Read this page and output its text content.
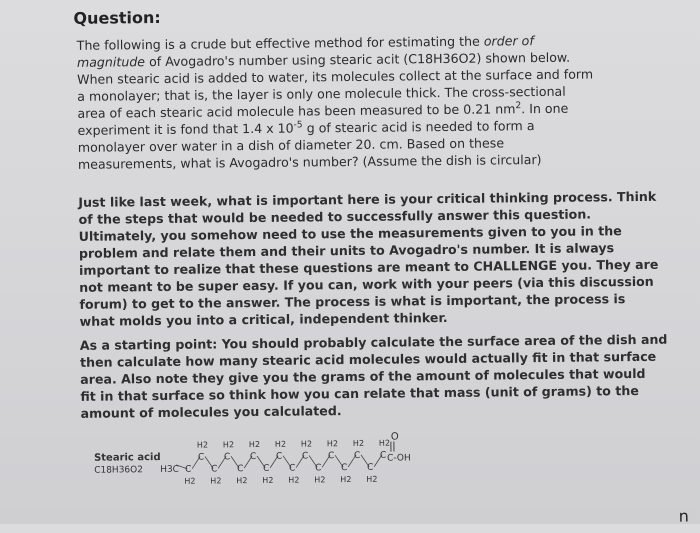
Question:
The following is a crude but effective method for estimating the order of
magnitude of Avogadro's number using stearic acit (C18H36O2) shown below.
When stearic acid is added to water, its molecules collect at the surface and form
a monolayer; that is, the layer is only one molecule thick. The cross-sectional
area of each stearic acid molecule has been measured to be 0.21 $nm^2$. In one
experiment it is fond that 1.4 x $10^{-5}$ g of stearic acid is needed to form a
monolayer over water in a dish of diameter 20. cm. Based on these
measurements, what is Avogadro's number? (Assume the dish is circular)
Just like last week, what is important here is your critical thinking process. Think
of the steps that would be needed to successfully answer this question.
Ultimately, you somehow need to use the measurements given to you in the
problem and relate them and their units to Avogadro's number. It is always
important to realize that these questions are meant to CHALLENGE you. They are
not meant to be super easy. If you can, work with your peers (via this discussion
forum) to get to the answer. The process is what is important, the process is
what molds you into a critical, independent thinker.
As a starting point: You should probably calculate the surface area of the dish and
then calculate how many stearic acid molecules would actually fit in that surface
area. Also note they give you the grams of the amount of molecules that would
fit in that surface so think how you can relate that mass (unit of grams) to the
amount of molecules you calculated.
Stearic acid
C18H36O2 H3C C
H2
C
H2
C
H2
C
H2
C
H2
C
H2
C
H2
C
H2
C
H2
C
H2
C
H2
C
H2
C
H2
C
H2
C
H2
C
H2
O
C-OH
n
